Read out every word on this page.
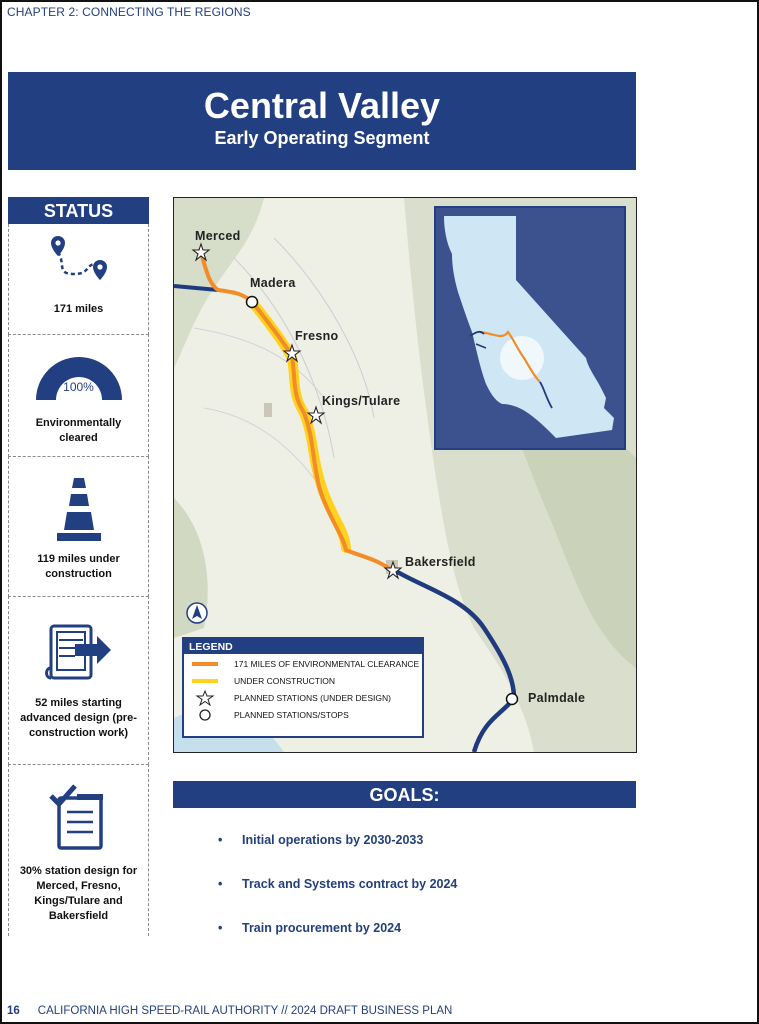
CHAPTER 2: CONNECTING THE REGIONS
Central Valley
Early Operating Segment
STATUS
171 miles
100%
Environmentally cleared
119 miles under construction
52 miles starting advanced design (pre-construction work)
30% station design for Merced, Fresno, Kings/Tulare and Bakersfield
Merced
Madera
Fresno
Kings/Tulare
Bakersfield
Palmdale
LEGEND
171 MILES OF ENVIRONMENTAL CLEARANCE
UNDER CONSTRUCTION
PLANNED STATIONS (UNDER DESIGN)
PLANNED STATIONS/STOPS
GOALS:
• Initial operations by 2030-2033
• Track and Systems contract by 2024
• Train procurement by 2024
16 CALIFORNIA HIGH SPEED-RAIL AUTHORITY // 2024 DRAFT BUSINESS PLAN
